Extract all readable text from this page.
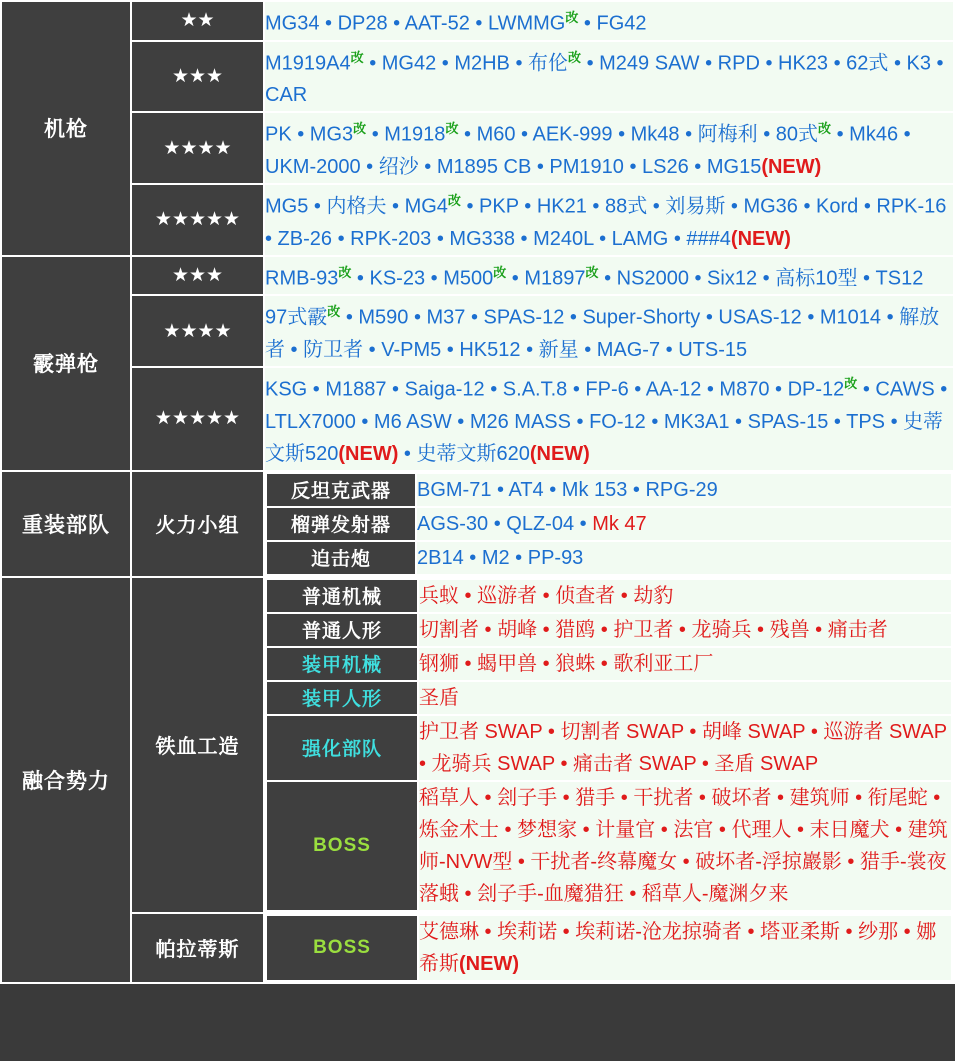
机枪	★★	MG34 • DP28 • AAT-52 • $LWMMG^改$ • FG42
★★★	$M1919A4^改$ • MG42 • M2HB • 布伦$^改$ • M249 SAW • RPD • HK23 • 62式 • K3 • CAR
★★★★	PK • $MG3^改$ • $M1918^改$ • M60 • AEK-999 • Mk48 • 阿梅利 • 80式$^改$ • Mk46 • UKM-2000 • 绍沙 • M1895 CB • PM1910 • LS26 • MG15(NEW)
★★★★★	MG5 • 内格夫 • $MG4^改$ • PKP • HK21 • 88式 • 刘易斯 • MG36 • Kord • RPK-16 • ZB-26 • RPK-203 • MG338 • M240L • LAMG • ###4(NEW)
霰弹枪	★★★	RMB-$93^改$ • KS-23 • $M500^改$ • $M1897^改$ • NS2000 • Six12 • 高标10型 • TS12
★★★★	97式霰$^改$ • M590 • M37 • SPAS-12 • Super-Shorty • USAS-12 • M1014 • 解放者 • 防卫者 • V-PM5 • HK512 • 新星 • MAG-7 • UTS-15
★★★★★	KSG • M1887 • Saiga-12 • S.A.T.8 • FP-6 • AA-12 • M870 • $DP-12^改$ • CAWS • LTLX7000 • M6 ASW • M26 MASS • FO-12 • MK3A1 • SPAS-15 • TPS • 史蒂文斯520(NEW) • 史蒂文斯620(NEW)
重装部队	火力小组	
反坦克武器	BGM-71 • AT4 • Mk 153 • RPG-29
榴弹发射器	AGS-30 • QLZ-04 • Mk 47
迫击炮	2B14 • M2 • PP-93

融合势力	铁血工造	
普通机械	兵蚁 • 巡游者 • 侦查者 • 劫豹
普通人形	切割者 • 胡峰 • 猎鸥 • 护卫者 • 龙骑兵 • 残兽 • 痛击者
装甲机械	钢狮 • 蝎甲兽 • 狼蛛 • 歌利亚工厂
装甲人形	圣盾
强化部队	护卫者 SWAP • 切割者 SWAP • 胡峰 SWAP • 巡游者 SWAP • 龙骑兵 SWAP • 痛击者 SWAP • 圣盾 SWAP
BOSS	稻草人 • 刽子手 • 猎手 • 干扰者 • 破坏者 • 建筑师 • 衔尾蛇 • 炼金术士 • 梦想家 • 计量官 • 法官 • 代理人 • 末日魔犬 • 建筑师-NVW型 • 干扰者-终幕魔女 • 破坏者-浮掠巖影 • 猎手-裳夜落蛾 • 刽子手-血魔猎狂 • 稻草人-魔渊夕来

帕拉蒂斯		BOSS	艾德琳 • 埃莉诺 • 埃莉诺-沧龙掠骑者 • 塔亚柔斯 • 纱那 • 娜希斯(NEW)
